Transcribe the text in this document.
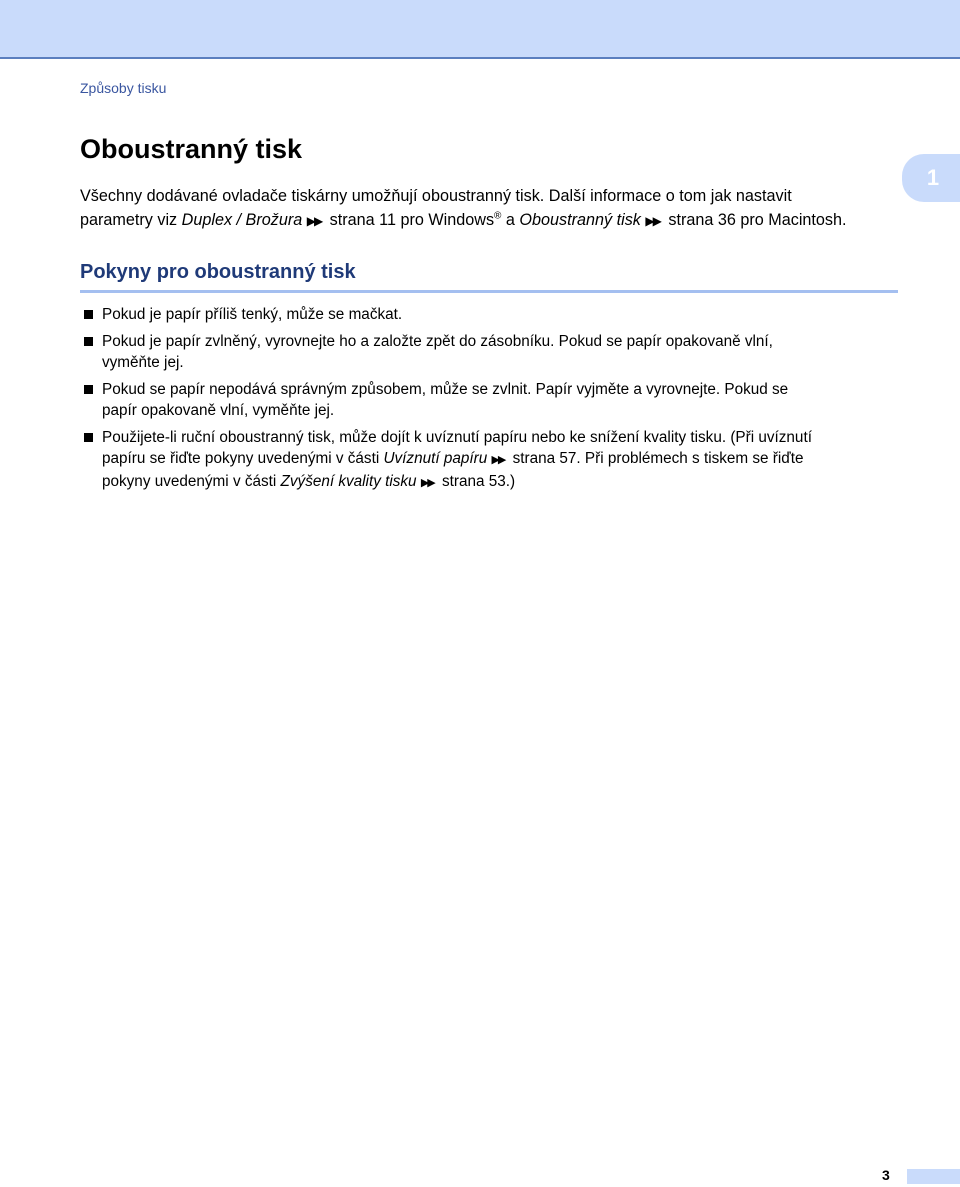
Způsoby tisku
Oboustranný tisk
1

Všechny dodávané ovladače tiskárny umožňují oboustranný tisk. Další informace o tom jak nastavit
parametry viz Duplex / Brožura ▶▶ strana 11 pro Windows® a Oboustranný tisk ▶▶ strana 36 pro Macintosh.

Pokyny pro oboustranný tisk
Pokud je papír příliš tenký, může se mačkat.
Pokud je papír zvlněný, vyrovnejte ho a založte zpět do zásobníku. Pokud se papír opakovaně vlní,
vyměňte jej.
Pokud se papír nepodává správným způsobem, může se zvlnit. Papír vyjměte a vyrovnejte. Pokud se
papír opakovaně vlní, vyměňte jej.
Použijete-li ruční oboustranný tisk, může dojít k uvíznutí papíru nebo ke snížení kvality tisku. (Při uvíznutí
papíru se řiďte pokyny uvedenými v části Uvíznutí papíru ▶▶ strana 57. Při problémech s tiskem se řiďte
pokyny uvedenými v části Zvýšení kvality tisku ▶▶ strana 53.)
3
